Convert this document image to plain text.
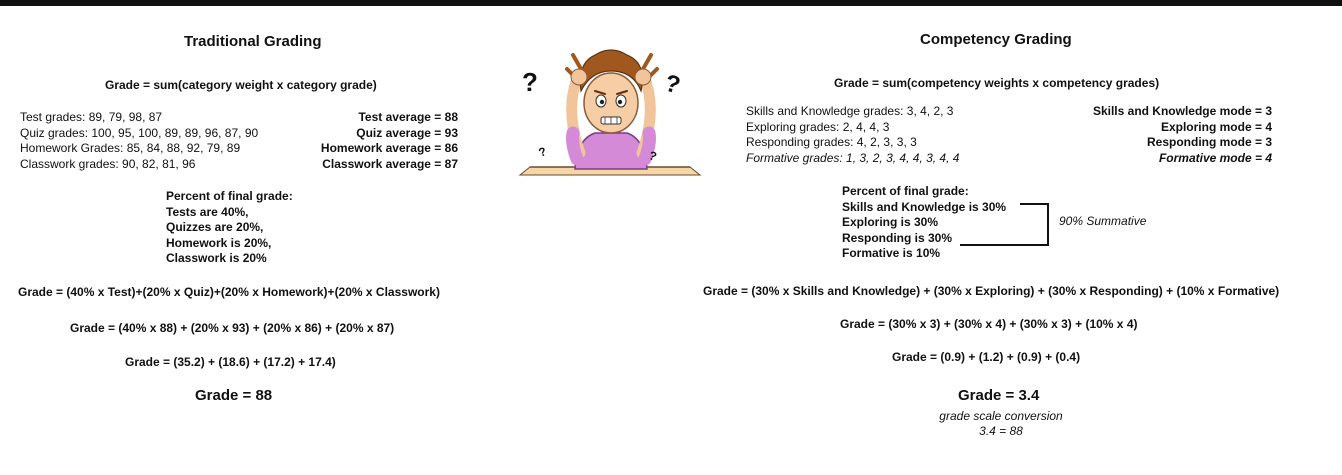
Traditional Grading
Grade = sum(category weight x category grade)
Test grades: 89, 79, 98, 87
Quiz grades: 100, 95, 100, 89, 89, 96, 87, 90
Homework Grades: 85, 84, 88, 92, 79, 89
Classwork grades: 90, 82, 81, 96
Test average = 88
Quiz average = 93
Homework average = 86
Classwork average = 87
Percent of final grade:
Tests are 40%,
Quizzes are 20%,
Homework is 20%,
Classwork is 20%
Grade = (40% x Test)+(20% x Quiz)+(20% x Homework)+(20% x Classwork)
Grade = (40% x 88) + (20% x 93) + (20% x 86) + (20% x 87)
Grade = (35.2) + (18.6) + (17.2) + 17.4)
Grade = 88
?	?
?	?
Competency Grading
Grade = sum(competency weights x competency grades)
Skills and Knowledge grades: 3, 4, 2, 3
Exploring grades: 2, 4, 4, 3
Responding grades: 4, 2, 3, 3, 3
Formative grades: 1, 3, 2, 3, 4, 4, 3, 4, 4
Skills and Knowledge mode = 3
Exploring mode = 4
Responding mode = 3
Formative mode = 4
Percent of final grade:
Skills and Knowledge is 30%
Exploring is 30%
Responding is 30%
Formative is 10%
90% Summative
Grade = (30% x Skills and Knowledge) + (30% x Exploring) + (30% x Responding) + (10% x Formative)
Grade = (30% x 3) + (30% x 4) + (30% x 3) + (10% x 4)
Grade = (0.9) + (1.2) + (0.9) + (0.4)
Grade = 3.4
grade scale conversion
3.4 = 88
